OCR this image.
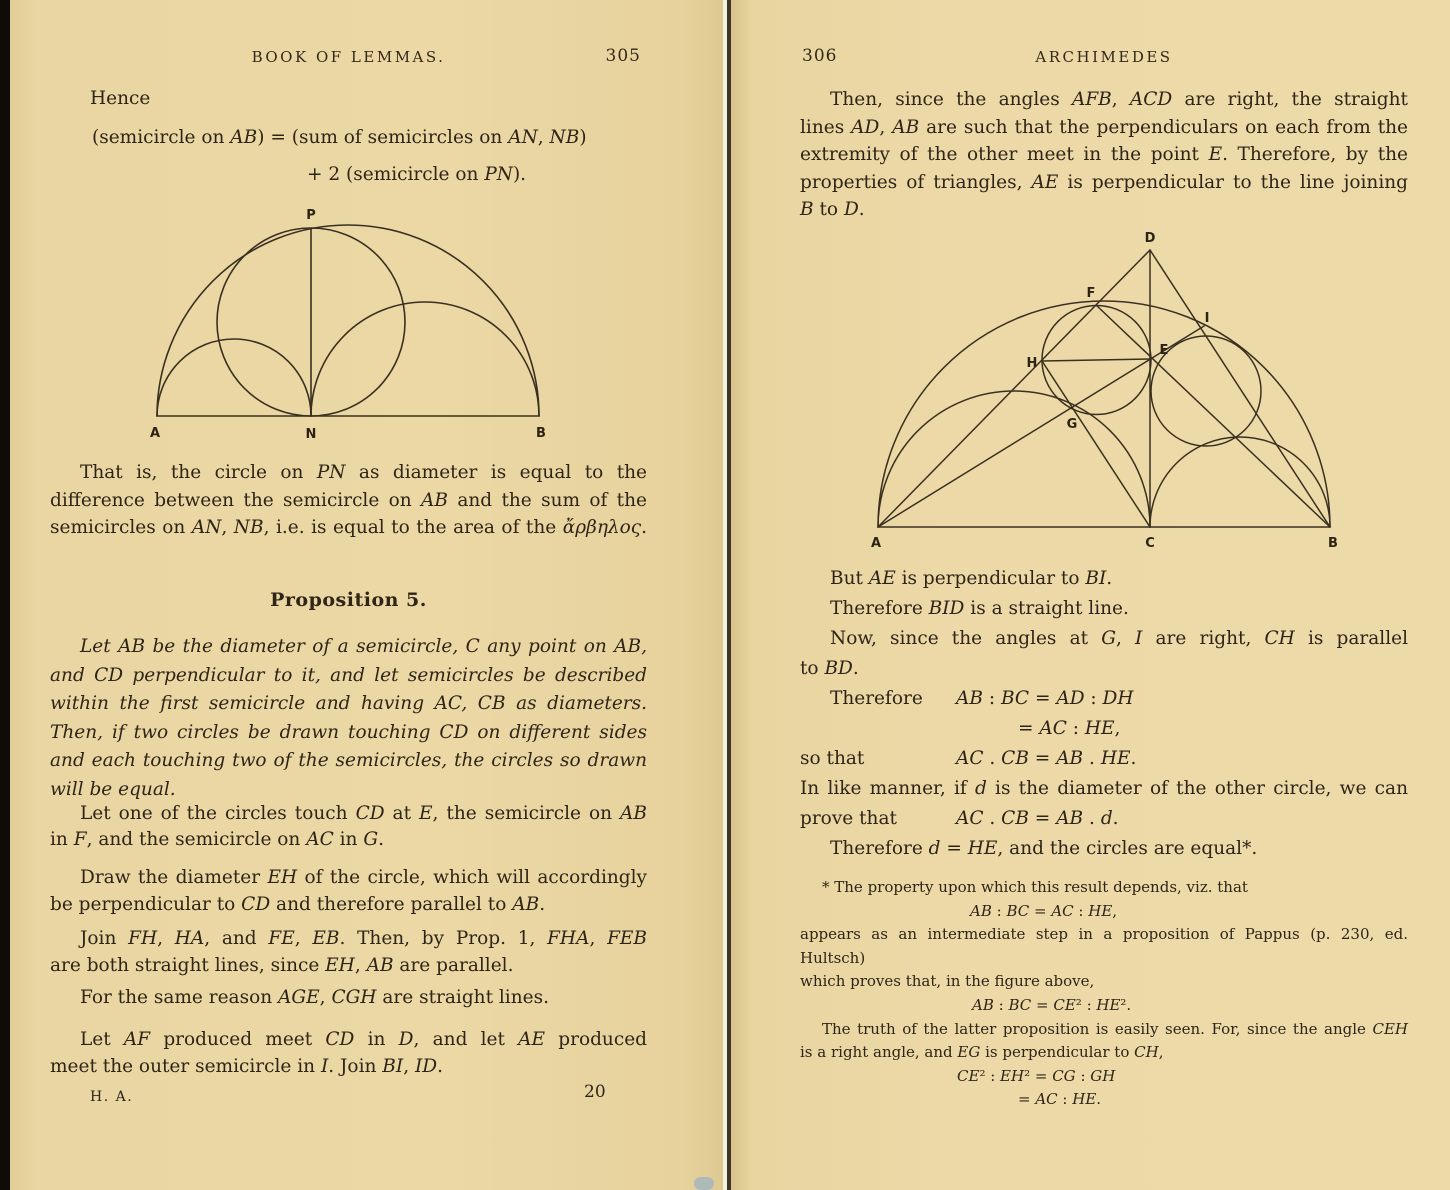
BOOK OF LEMMAS.	305
Hence
(semicircle on AB) = (sum of semicircles on AN, NB)
+ 2 (semicircle on PN).
P
A	N	B
That is, the circle on PN as diameter is equal to the
difference between the semicircle on AB and the sum of the
semicircles on AN, NB, i.e. is equal to the area of the ἄρβηλος.
Proposition 5.
Let AB be the diameter of a semicircle, C any point on AB,
and CD perpendicular to it, and let semicircles be described
within the first semicircle and having AC, CB as diameters.
Then, if two circles be drawn touching CD on different sides
and each touching two of the semicircles, the circles so drawn
will be equal.
Let one of the circles touch CD at E, the semicircle on AB
in F, and the semicircle on AC in G.
Draw the diameter EH of the circle, which will accordingly
be perpendicular to CD and therefore parallel to AB.
Join FH, HA, and FE, EB. Then, by Prop. 1, FHA, FEB
are both straight lines, since EH, AB are parallel.
For the same reason AGE, CGH are straight lines.
Let AF produced meet CD in D, and let AE produced
meet the outer semicircle in I. Join BI, ID.
H. A.	20
306	ARCHIMEDES
Then, since the angles AFB, ACD are right, the straight
lines AD, AB are such that the perpendiculars on each from the
extremity of the other meet in the point E. Therefore, by the
properties of triangles, AE is perpendicular to the line joining
B to D.
D
F
I
E
H
G
A	C	B
But AE is perpendicular to BI.
Therefore BID is a straight line.
Now, since the angles at G, I are right, CH is parallel
to BD.
Therefore AB : BC = AD : DH
= AC : HE,
so that	AC . CB = AB . HE.
In like manner, if d is the diameter of the other circle, we can
prove that	AC . CB = AB . d.
Therefore d = HE, and the circles are equal*.
* The property upon which this result depends, viz. that
AB : BC = AC : HE,
appears as an intermediate step in a proposition of Pappus (p. 230, ed. Hultsch)
which proves that, in the figure above,
AB : BC = CE² : HE².
The truth of the latter proposition is easily seen. For, since the angle CEH
is a right angle, and EG is perpendicular to CH,
CE² : EH² = CG : GH
= AC : HE.
